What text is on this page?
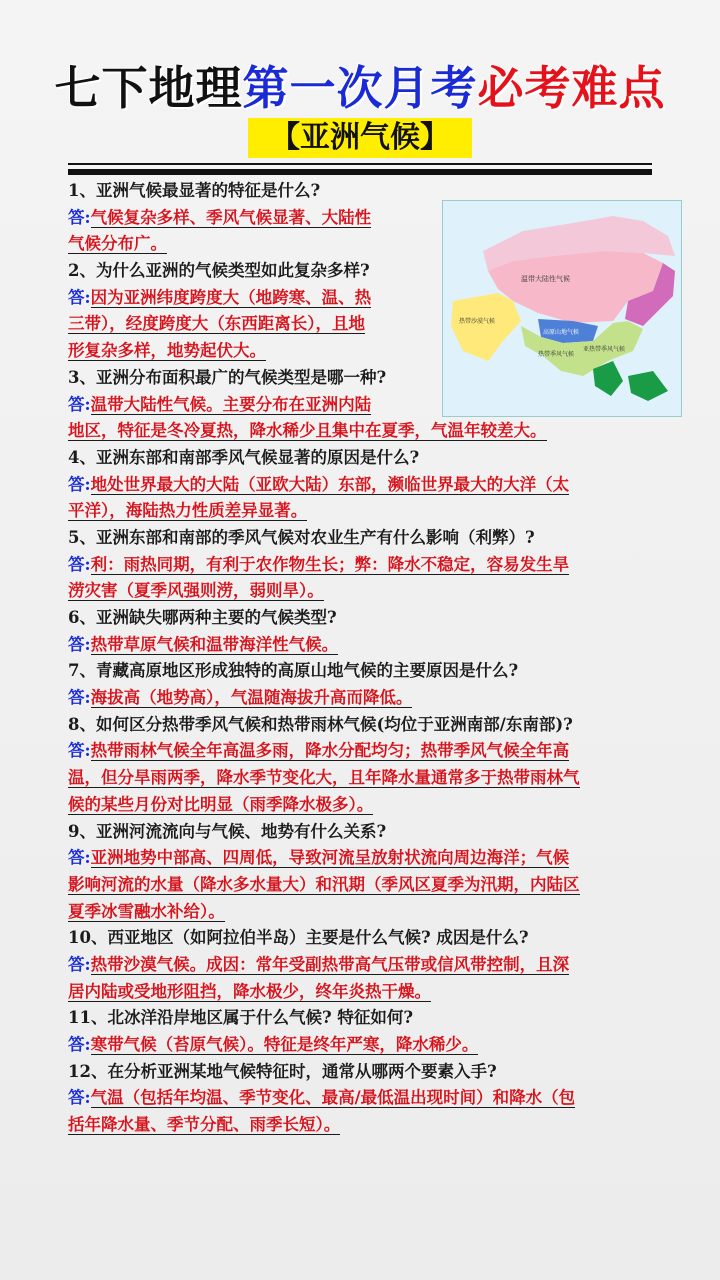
七下地理第一次月考必考难点
【亚洲气候】
1、亚洲气候最显著的特征是什么?
答:气候复杂多样、季风气候显著、大陆性
气候分布广。
2、为什么亚洲的气候类型如此复杂多样?
答:因为亚洲纬度跨度大（地跨寒、温、热
三带），经度跨度大（东西距离长），且地
形复杂多样，地势起伏大。
3、亚洲分布面积最广的气候类型是哪一种?
答:温带大陆性气候。主要分布在亚洲内陆
地区，特征是冬冷夏热，降水稀少且集中在夏季，气温年较差大。
4、亚洲东部和南部季风气候显著的原因是什么?
答:地处世界最大的大陆（亚欧大陆）东部，濒临世界最大的大洋（太
平洋），海陆热力性质差异显著。
5、亚洲东部和南部的季风气候对农业生产有什么影响（利弊）?
答:利：雨热同期，有利于农作物生长；弊：降水不稳定，容易发生旱
涝灾害（夏季风强则涝，弱则旱）。
6、亚洲缺失哪两种主要的气候类型?
答:热带草原气候和温带海洋性气候。
7、青藏高原地区形成独特的高原山地气候的主要原因是什么?
答:海拔高（地势高），气温随海拔升高而降低。
8、如何区分热带季风气候和热带雨林气候(均位于亚洲南部/东南部)?
答:热带雨林气候全年高温多雨，降水分配均匀；热带季风气候全年高
温，但分旱雨两季，降水季节变化大，且年降水量通常多于热带雨林气
候的某些月份对比明显（雨季降水极多）。
9、亚洲河流流向与气候、地势有什么关系?
答:亚洲地势中部高、四周低，导致河流呈放射状流向周边海洋；气候
影响河流的水量（降水多水量大）和汛期（季风区夏季为汛期，内陆区
夏季冰雪融水补给）。
10、西亚地区（如阿拉伯半岛）主要是什么气候? 成因是什么?
答:热带沙漠气候。成因：常年受副热带高气压带或信风带控制，且深
居内陆或受地形阻挡，降水极少，终年炎热干燥。
11、北冰洋沿岸地区属于什么气候? 特征如何?
答:寒带气候（苔原气候）。特征是终年严寒，降水稀少。
12、在分析亚洲某地气候特征时，通常从哪两个要素入手?
答:气温（包括年均温、季节变化、最高/最低温出现时间）和降水（包
括年降水量、季节分配、雨季长短）。
温带大陆性气候
热带沙漠气候
高原山地气候
亚热带季风气候
热带季风气候
